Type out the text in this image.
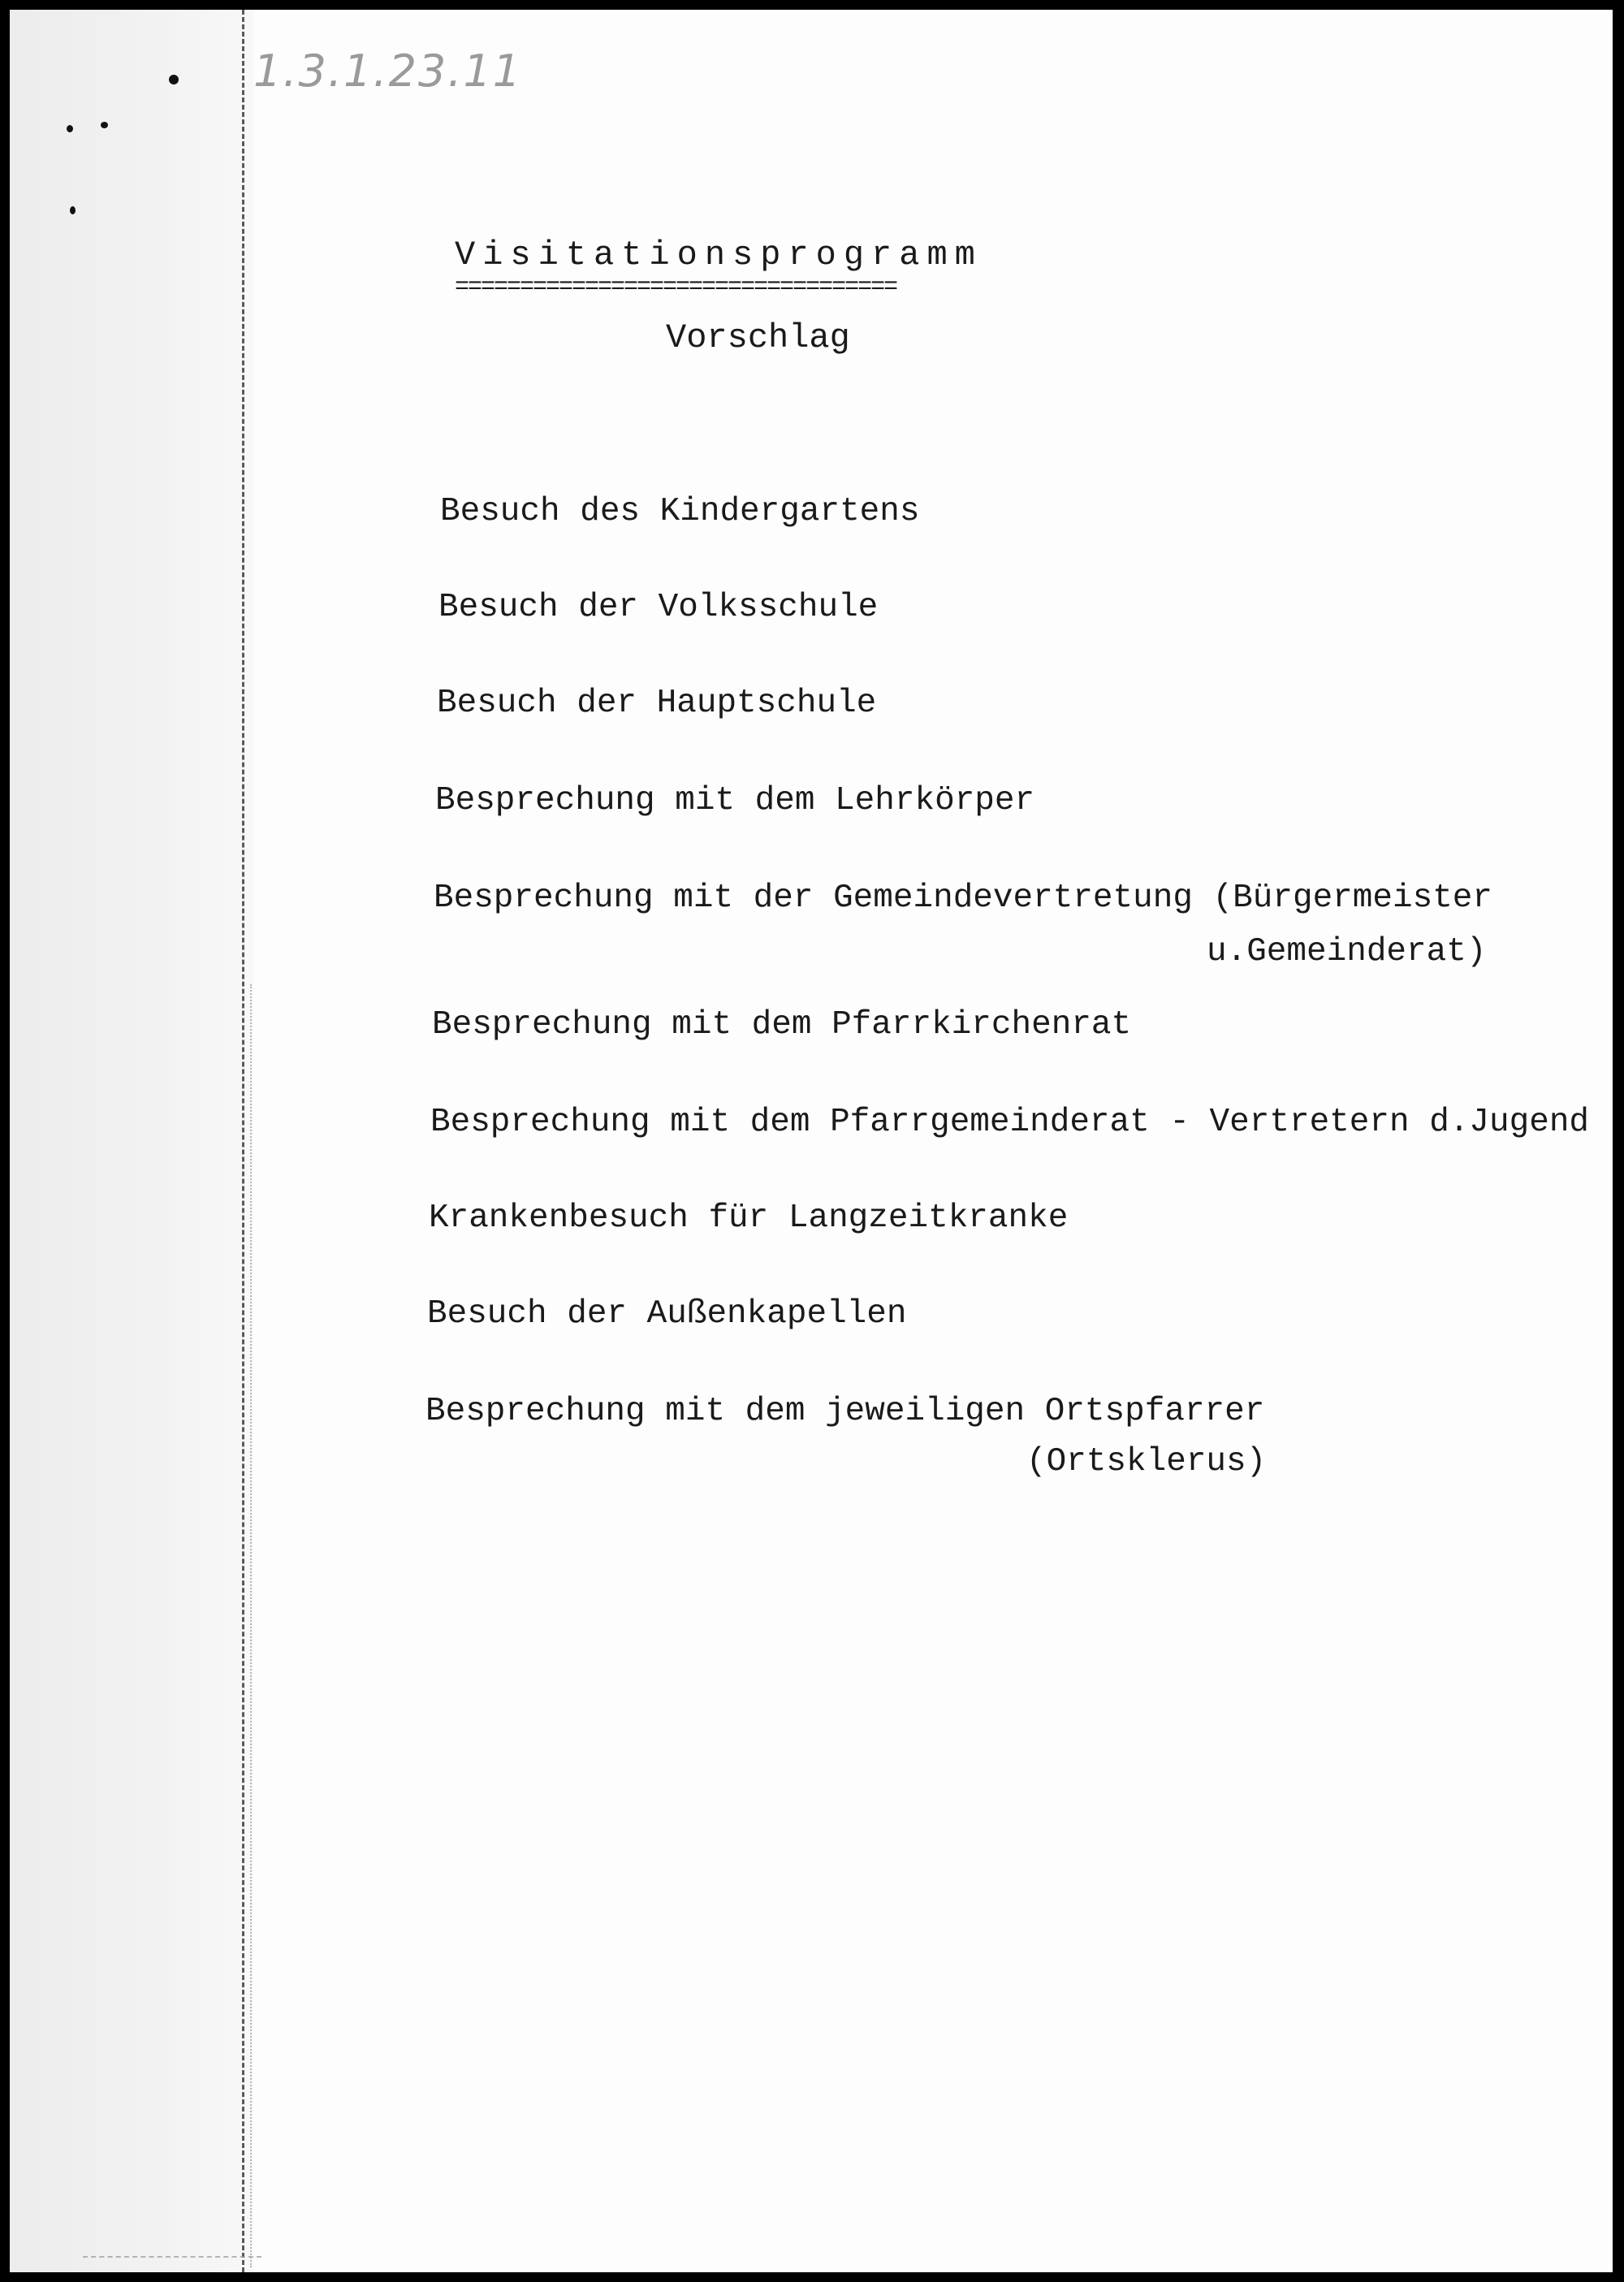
1.3.1.23.11
Visitationsprogramm
==================================
Vorschlag
Besuch des Kindergartens
Besuch der Volksschule
Besuch der Hauptschule
Besprechung mit dem Lehrkörper
Besprechung mit der Gemeindevertretung (Bürgermeister
u.Gemeinderat)
Besprechung mit dem Pfarrkirchenrat
Besprechung mit dem Pfarrgemeinderat - Vertretern d.Jugend
Krankenbesuch für Langzeitkranke
Besuch der Außenkapellen
Besprechung mit dem jeweiligen Ortspfarrer
(Ortsklerus)
